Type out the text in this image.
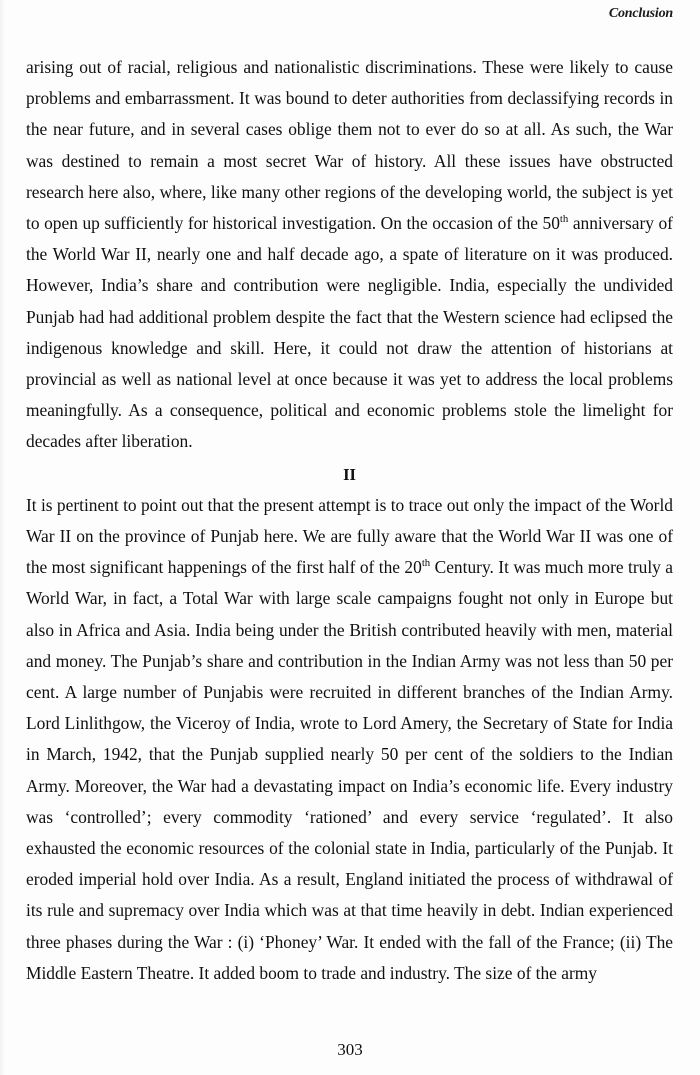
Conclusion

arising out of racial, religious and nationalistic discriminations. These were likely to cause problems and embarrassment. It was bound to deter authorities from declassifying records in the near future, and in several cases oblige them not to ever do so at all. As such, the War was destined to remain a most secret War of history. All these issues have obstructed research here also, where, like many other regions of the developing world, the subject is yet to open up sufficiently for historical investigation. On the occasion of the 50th anniversary of the World War II, nearly one and half decade ago, a spate of literature on it was produced. However, India’s share and contribution were negligible. India, especially the undivided Punjab had had additional problem despite the fact that the Western science had eclipsed the indigenous knowledge and skill. Here, it could not draw the attention of historians at provincial as well as national level at once because it was yet to address the local problems meaningfully. As a consequence, political and economic problems stole the limelight for decades after liberation.

II

It is pertinent to point out that the present attempt is to trace out only the impact of the World War II on the province of Punjab here. We are fully aware that the World War II was one of the most significant happenings of the first half of the 20th Century. It was much more truly a World War, in fact, a Total War with large scale campaigns fought not only in Europe but also in Africa and Asia. India being under the British contributed heavily with men, material and money. The Punjab’s share and contribution in the Indian Army was not less than 50 per cent. A large number of Punjabis were recruited in different branches of the Indian Army. Lord Linlithgow, the Viceroy of India, wrote to Lord Amery, the Secretary of State for India in March, 1942, that the Punjab supplied nearly 50 per cent of the soldiers to the Indian Army. Moreover, the War had a devastating impact on India’s economic life. Every industry was ‘controlled’; every commodity ‘rationed’ and every service ‘regulated’. It also exhausted the economic resources of the colonial state in India, particularly of the Punjab. It eroded imperial hold over India. As a result, England initiated the process of withdrawal of its rule and supremacy over India which was at that time heavily in debt. Indian experienced three phases during the War : (i) ‘Phoney’ War. It ended with the fall of the France; (ii) The Middle Eastern Theatre. It added boom to trade and industry. The size of the army

303
